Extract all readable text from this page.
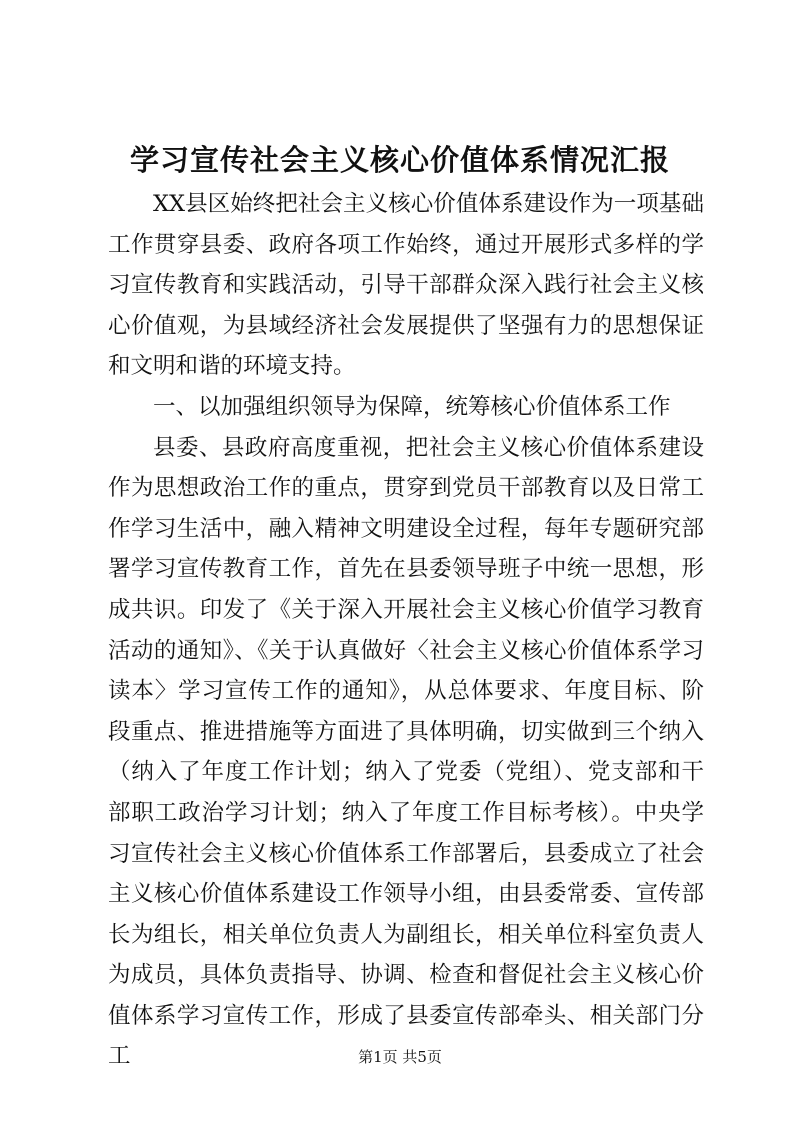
学习宣传社会主义核心价值体系情况汇报

XX县区始终把社会主义核心价值体系建设作为一项基础工作贯穿县委、政府各项工作始终，通过开展形式多样的学习宣传教育和实践活动，引导干部群众深入践行社会主义核心价值观，为县域经济社会发展提供了坚强有力的思想保证和文明和谐的环境支持。

一、以加强组织领导为保障，统筹核心价值体系工作

县委、县政府高度重视，把社会主义核心价值体系建设作为思想政治工作的重点，贯穿到党员干部教育以及日常工作学习生活中，融入精神文明建设全过程，每年专题研究部署学习宣传教育工作，首先在县委领导班子中统一思想，形成共识。印发了《关于深入开展社会主义核心价值学习教育活动的通知》、《关于认真做好〈社会主义核心价值体系学习读本〉学习宣传工作的通知》，从总体要求、年度目标、阶段重点、推进措施等方面进了具体明确，切实做到三个纳入（纳入了年度工作计划；纳入了党委（党组）、党支部和干部职工政治学习计划；纳入了年度工作目标考核）。中央学习宣传社会主义核心价值体系工作部署后，县委成立了社会主义核心价值体系建设工作领导小组，由县委常委、宣传部长为组长，相关单位负责人为副组长，相关单位科室负责人为成员，具体负责指导、协调、检查和督促社会主义核心价值体系学习宣传工作，形成了县委宣传部牵头、相关部门分工	第1页 共5页
